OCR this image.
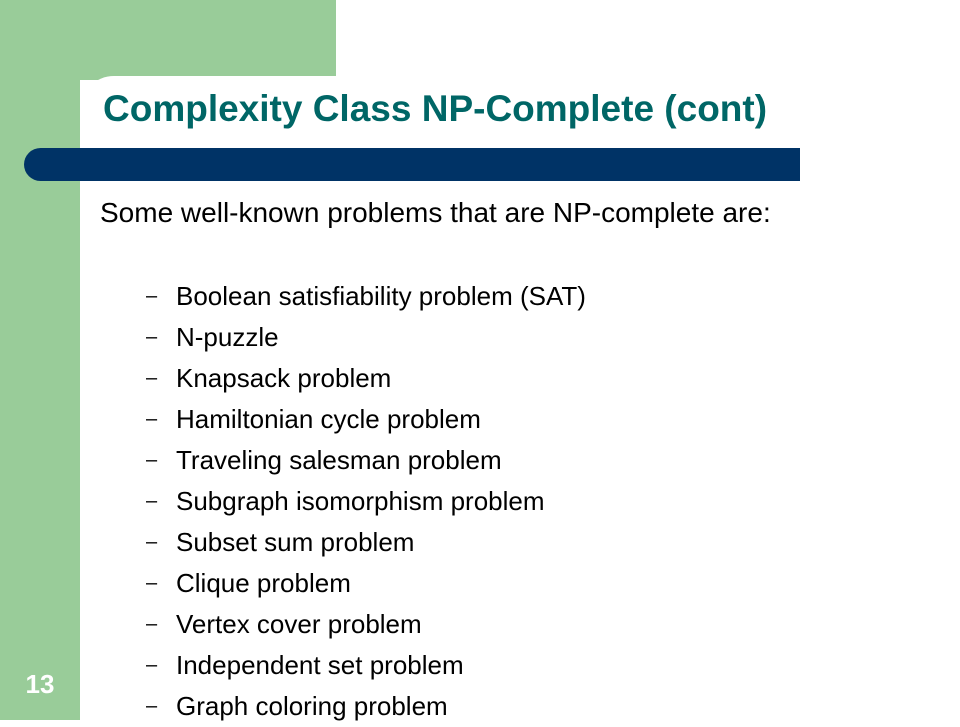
Complexity Class NP-Complete (cont)

Some well-known problems that are NP-complete are:

– Boolean satisfiability problem (SAT)
– N-puzzle
– Knapsack problem
– Hamiltonian cycle problem
– Traveling salesman problem
– Subgraph isomorphism problem
– Subset sum problem
– Clique problem
– Vertex cover problem
– Independent set problem
– Graph coloring problem
13
